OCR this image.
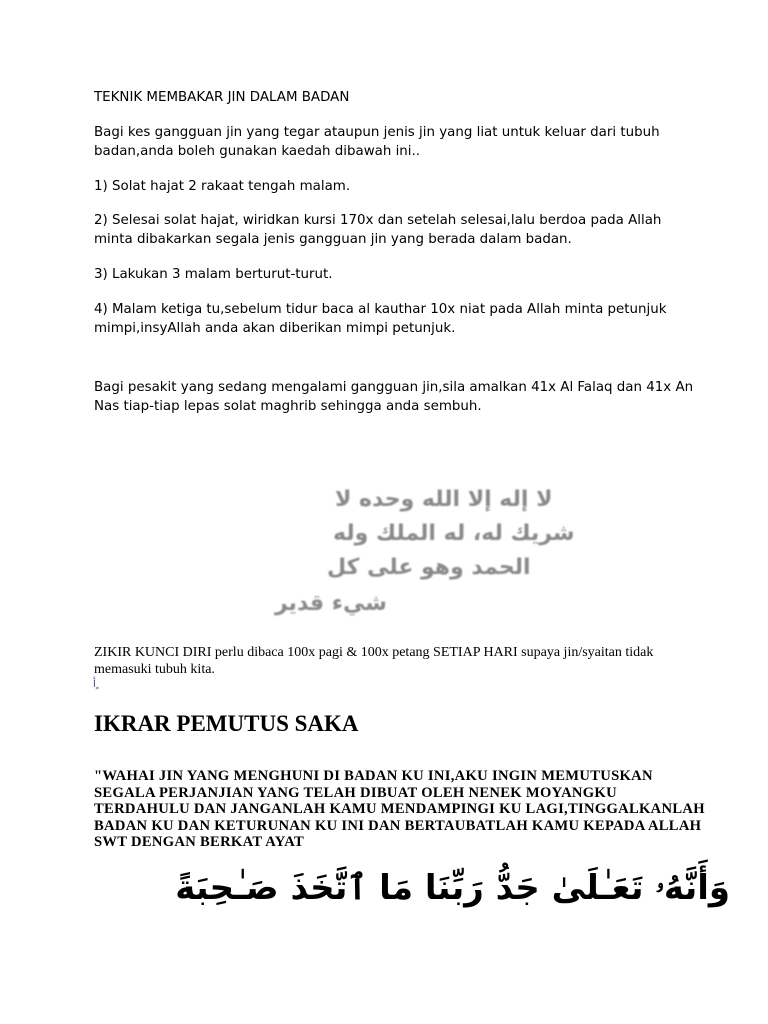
TEKNIK MEMBAKAR JIN DALAM BADAN

Bagi kes gangguan jin yang tegar ataupun jenis jin yang liat untuk keluar dari tubuh badan,anda boleh gunakan kaedah dibawah ini..

1) Solat hajat 2 rakaat tengah malam.

2) Selesai solat hajat, wiridkan kursi 170x dan setelah selesai,lalu berdoa pada Allah minta dibakarkan segala jenis gangguan jin yang berada dalam badan.

3) Lakukan 3 malam berturut-turut.

4) Malam ketiga tu,sebelum tidur baca al kauthar 10x niat pada Allah minta petunjuk mimpi,insyAllah anda akan diberikan mimpi petunjuk.

Bagi pesakit yang sedang mengalami gangguan jin,sila amalkan 41x Al Falaq dan 41x An Nas tiap-tiap lepas solat maghrib sehingga anda sembuh.

لا إله إلا الله وحده لا
شريك له، له الملك وله
الحمد وهو على كل
شيء قدير

ZIKIR KUNCI DIRI perlu dibaca 100x pagi & 100x petang SETIAP HARI supaya jin/syaitan tidak memasuki tubuh kita.

ﺃ ٍ
IKRAR PEMUTUS SAKA

"WAHAI JIN YANG MENGHUNI DI BADAN KU INI,AKU INGIN MEMUTUSKAN SEGALA PERJANJIAN YANG TELAH DIBUAT OLEH NENEK MOYANGKU TERDAHULU DAN JANGANLAH KAMU MENDAMPINGI KU LAGI,TINGGALKANLAH BADAN KU DAN KETURUNAN KU INI DAN BERTAUBATLAH KAMU KEPADA ALLAH SWT DENGAN BERKAT AYAT

وَأَنَّهُۥ تَعَـٰلَىٰ جَدُّ رَبِّنَا مَا ٱتَّخَذَ صَـٰحِبَةً
